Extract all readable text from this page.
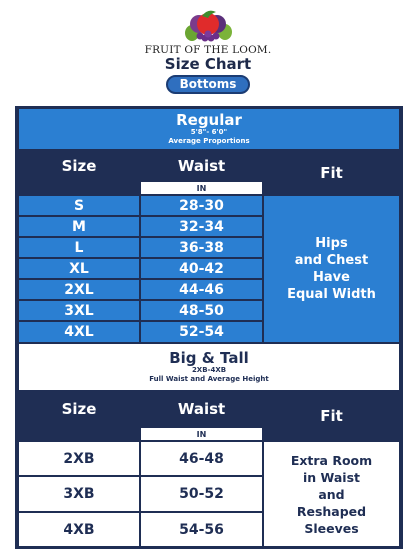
FRUIT OF THE LOOM.
Size Chart
Bottoms
Regular
5'8"- 6'0"
Average Proportions
Size	Waist
IN
Fit
S	28-30
M	32-34
L	36-38
XL	40-42
2XL	44-46
3XL	48-50
4XL	52-54
Hips
and Chest
Have
Equal Width
Big & Tall
2XB-4XB
Full Waist and Average Height
Size	Waist
IN
Fit
2XB	46-48
3XB	50-52
4XB	54-56
Extra Room
in Waist
and
Reshaped
Sleeves
